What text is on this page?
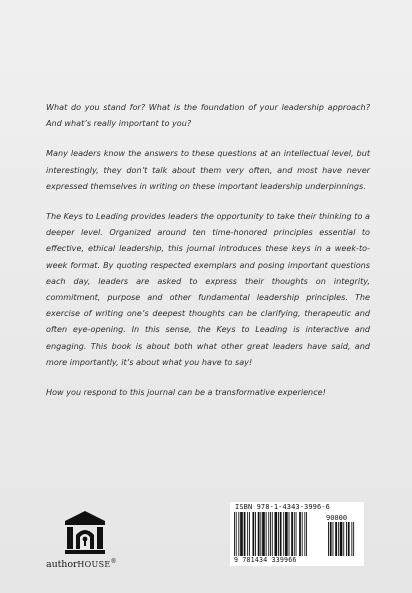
What do you stand for? What is the foundation of your leadership approach? And what’s really important to you?

Many leaders know the answers to these questions at an intellectual level, but interestingly, they don’t talk about them very often, and most have never expressed themselves in writing on these important leadership underpinnings.

The Keys to Leading provides leaders the opportunity to take their thinking to a deeper level. Organized around ten time-honored principles essential to effective, ethical leadership, this journal introduces these keys in a week-to-week format. By quoting respected exemplars and posing important questions each day, leaders are asked to express their thoughts on integrity, commitment, purpose and other fundamental leadership principles. The exercise of writing one’s deepest thoughts can be clarifying, therapeutic and often eye-opening. In this sense, the Keys to Leading is interactive and engaging. This book is about both what other great leaders have said, and more importantly, it’s about what you have to say!

How you respond to this journal can be a transformative experience!

authorHOUSE®
ISBN 978-1-4343-3996-6
90000
9 781434 339966
